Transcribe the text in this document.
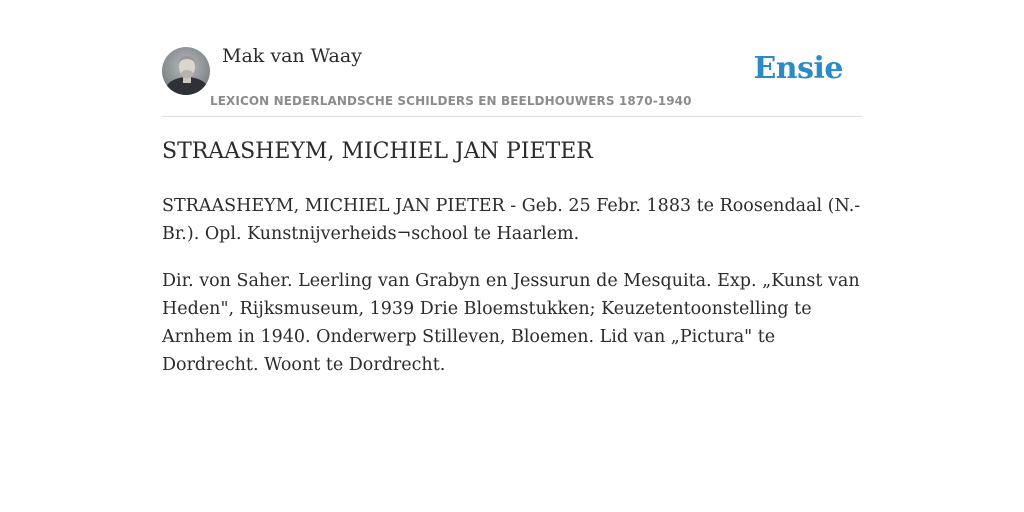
Mak van Waay
LEXICON NEDERLANDSCHE SCHILDERS EN BEELDHOUWERS 1870-1940
Ensie
STRAASHEYM, MICHIEL JAN PIETER

STRAASHEYM, MICHIEL JAN PIETER - Geb. 25 Febr. 1883 te Roosendaal (N.-Br.). Opl. Kunstnijverheids¬school te Haarlem.

Dir. von Saher. Leerling van Grabyn en Jessurun de Mesquita. Exp. „Kunst van Heden", Rijksmuseum, 1939 Drie Bloemstukken; Keuzetentoonstelling te Arnhem in 1940. Onderwerp Stilleven, Bloemen. Lid van „Pictura" te Dordrecht. Woont te Dordrecht.
